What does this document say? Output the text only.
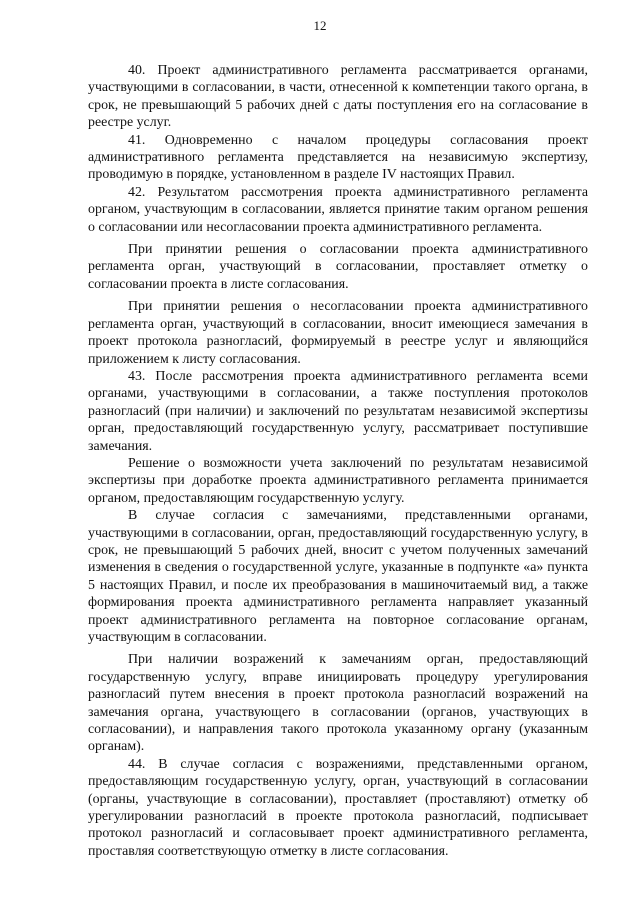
12

40. Проект административного регламента рассматривается органами, участвующими в согласовании, в части, отнесенной к компетенции такого органа, в срок, не превышающий 5 рабочих дней с даты поступления его на согласование в реестре услуг.

41. Одновременно с началом процедуры согласования проект административного регламента представляется на независимую экспертизу, проводимую в порядке, установленном в разделе IV настоящих Правил.

42. Результатом рассмотрения проекта административного регламента органом, участвующим в согласовании, является принятие таким органом решения о согласовании или несогласовании проекта административного регламента.

При принятии решения о согласовании проекта административного регламента орган, участвующий в согласовании, проставляет отметку о согласовании проекта в листе согласования.

При принятии решения о несогласовании проекта административного регламента орган, участвующий в согласовании, вносит имеющиеся замечания в проект протокола разногласий, формируемый в реестре услуг и являющийся приложением к листу согласования.

43. После рассмотрения проекта административного регламента всеми органами, участвующими в согласовании, а также поступления протоколов разногласий (при наличии) и заключений по результатам независимой экспертизы орган, предоставляющий государственную услугу, рассматривает поступившие замечания.

Решение о возможности учета заключений по результатам независимой экспертизы при доработке проекта административного регламента принимается органом, предоставляющим государственную услугу.

В случае согласия с замечаниями, представленными органами, участвующими в согласовании, орган, предоставляющий государственную услугу, в срок, не превышающий 5 рабочих дней, вносит с учетом полученных замечаний изменения в сведения о государственной услуге, указанные в подпункте «а» пункта 5 настоящих Правил, и после их преобразования в машиночитаемый вид, а также формирования проекта административного регламента направляет указанный проект административного регламента на повторное согласование органам, участвующим в согласовании.

При наличии возражений к замечаниям орган, предоставляющий государственную услугу, вправе инициировать процедуру урегулирования разногласий путем внесения в проект протокола разногласий возражений на замечания органа, участвующего в согласовании (органов, участвующих в согласовании), и направления такого протокола указанному органу (указанным органам).

44. В случае согласия с возражениями, представленными органом, предоставляющим государственную услугу, орган, участвующий в согласовании (органы, участвующие в согласовании), проставляет (проставляют) отметку об урегулировании разногласий в проекте протокола разногласий, подписывает протокол разногласий и согласовывает проект административного регламента, проставляя соответствующую отметку в листе согласования.
